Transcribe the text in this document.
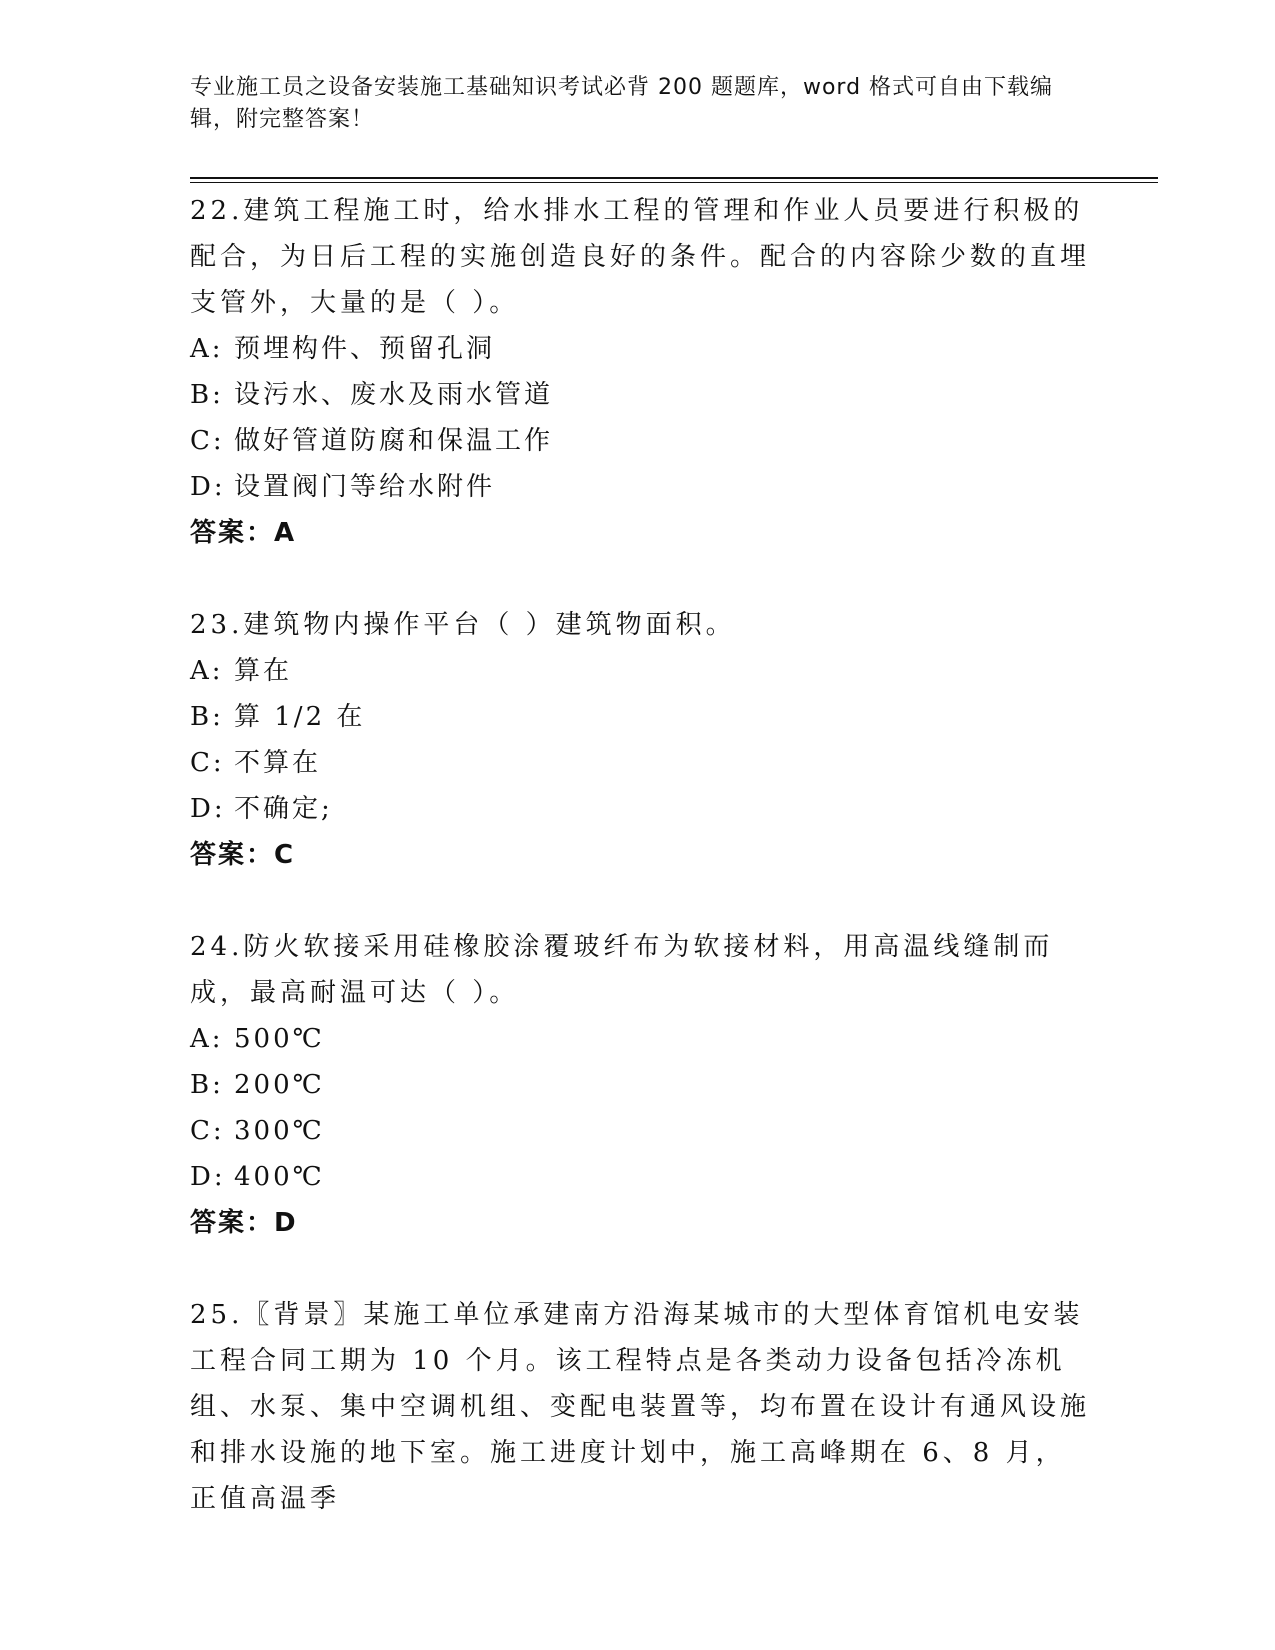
专业施工员之设备安装施工基础知识考试必背 200 题题库，word 格式可自由下载编辑，附完整答案！
22.建筑工程施工时，给水排水工程的管理和作业人员要进行积极的配合，为日后工程的实施创造良好的条件。配合的内容除少数的直埋支管外，大量的是（ ）。
A: 预埋构件、预留孔洞
B: 设污水、废水及雨水管道
C: 做好管道防腐和保温工作
D: 设置阀门等给水附件
答案：A
23.建筑物内操作平台（ ）建筑物面积。
A: 算在
B: 算 1/2 在
C: 不算在
D: 不确定;
答案：C
24.防火软接采用硅橡胶涂覆玻纤布为软接材料，用高温线缝制而成，最高耐温可达（ ）。
A: 500℃
B: 200℃
C: 300℃
D: 400℃
答案：D
25.〖背景〗某施工单位承建南方沿海某城市的大型体育馆机电安装工程合同工期为 10 个月。该工程特点是各类动力设备包括冷冻机组、水泵、集中空调机组、变配电装置等，均布置在设计有通风设施和排水设施的地下室。施工进度计划中，施工高峰期在 6、8 月，正值高温季
